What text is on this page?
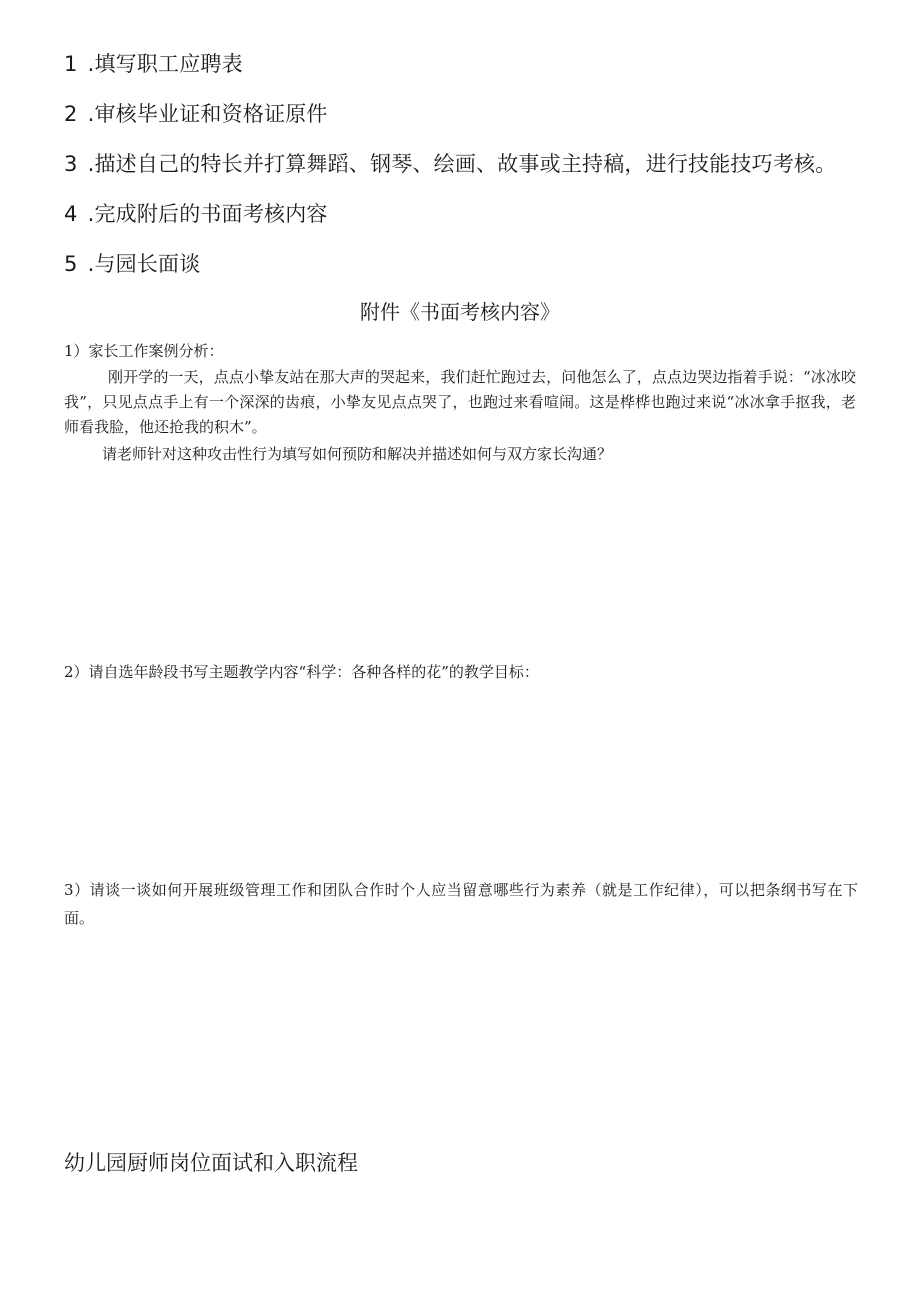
1 .填写职工应聘表
2 .审核毕业证和资格证原件
3 .描述自己的特长并打算舞蹈、钢琴、绘画、故事或主持稿，进行技能技巧考核。
4 .完成附后的书面考核内容
5 .与园长面谈
附件《书面考核内容》
1）家长工作案例分析：
刚开学的一天，点点小挚友站在那大声的哭起来，我们赶忙跑过去，问他怎么了，点点边哭边指着手说：“冰冰咬我”，只见点点手上有一个深深的齿痕，小挚友见点点哭了，也跑过来看喧闹。这是桦桦也跑过来说“冰冰拿手抠我，老师看我脸，他还抢我的积木”。
请老师针对这种攻击性行为填写如何预防和解决并描述如何与双方家长沟通？
2）请自选年龄段书写主题教学内容“科学：各种各样的花”的教学目标：
3）请谈一谈如何开展班级管理工作和团队合作时个人应当留意哪些行为素养（就是工作纪律），可以把条纲书写在下面。
幼儿园厨师岗位面试和入职流程
